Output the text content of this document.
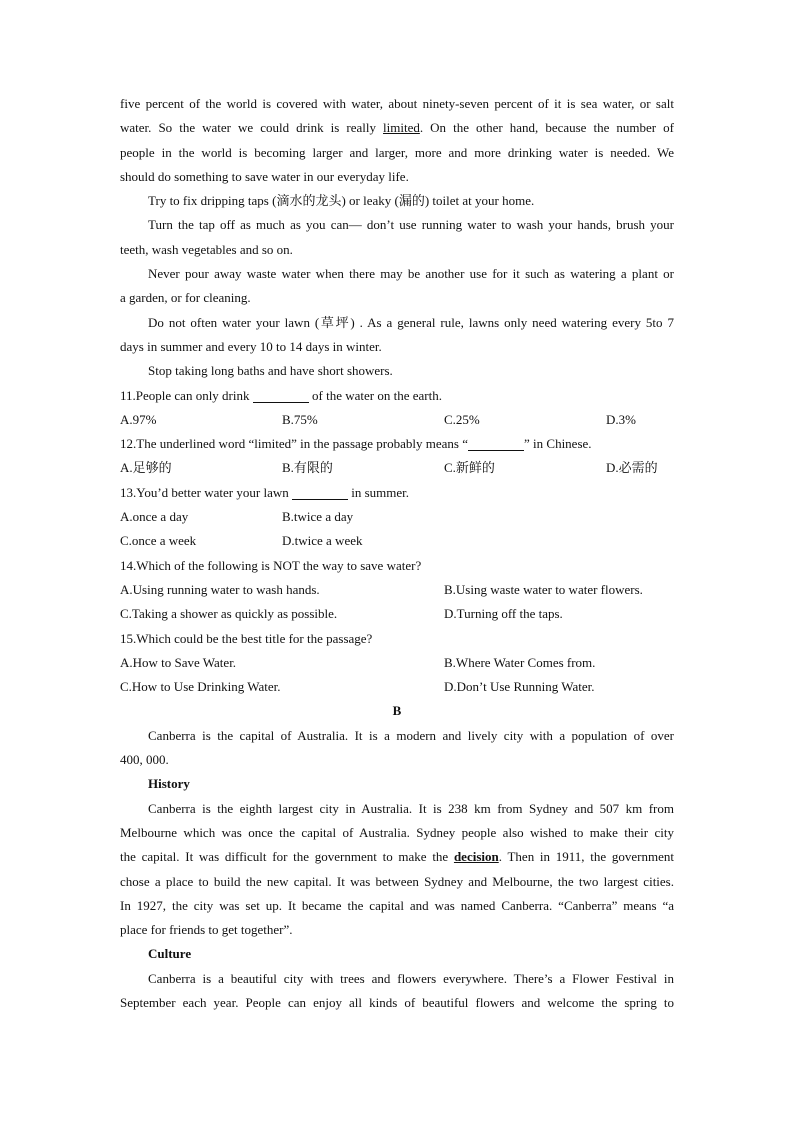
five percent of the world is covered with water, about ninety-seven percent of it is sea water, or salt
water. So the water we could drink is really limited. On the other hand, because the number of
people in the world is becoming larger and larger, more and more drinking water is needed. We
should do something to save water in our everyday life.
Try to fix dripping taps (滴水的龙头) or leaky (漏的) toilet at your home.
Turn the tap off as much as you can— don’t use running water to wash your hands, brush your
teeth, wash vegetables and so on.
Never pour away waste water when there may be another use for it such as watering a plant or
a garden, or for cleaning.
Do not often water your lawn (草坪) . As a general rule, lawns only need watering every 5to 7
days in summer and every 10 to 14 days in winter.
Stop taking long baths and have short showers.
11.People can only drink	of the water on the earth.
A.97%	B.75%	C.25%	D.3%
12.The underlined word “limited” in the passage probably means “	” in Chinese.
A.足够的	B.有限的	C.新鲜的	D.必需的
13.You’d better water your lawn	in summer.
A.once a day	B.twice a day
C.once a week	D.twice a week
14.Which of the following is NOT the way to save water?
A.Using running water to wash hands.	B.Using waste water to water flowers.
C.Taking a shower as quickly as possible.	D.Turning off the taps.
15.Which could be the best title for the passage?
A.How to Save Water.	B.Where Water Comes from.
C.How to Use Drinking Water.	D.Don’t Use Running Water.
B
Canberra is the capital of Australia. It is a modern and lively city with a population of over
400, 000.
History
Canberra is the eighth largest city in Australia. It is 238 km from Sydney and 507 km from
Melbourne which was once the capital of Australia. Sydney people also wished to make their city
the capital. It was difficult for the government to make the decision. Then in 1911, the government
chose a place to build the new capital. It was between Sydney and Melbourne, the two largest cities.
In 1927, the city was set up. It became the capital and was named Canberra. “Canberra” means “a
place for friends to get together”.
Culture
Canberra is a beautiful city with trees and flowers everywhere. There’s a Flower Festival in
September each year. People can enjoy all kinds of beautiful flowers and welcome the spring to
